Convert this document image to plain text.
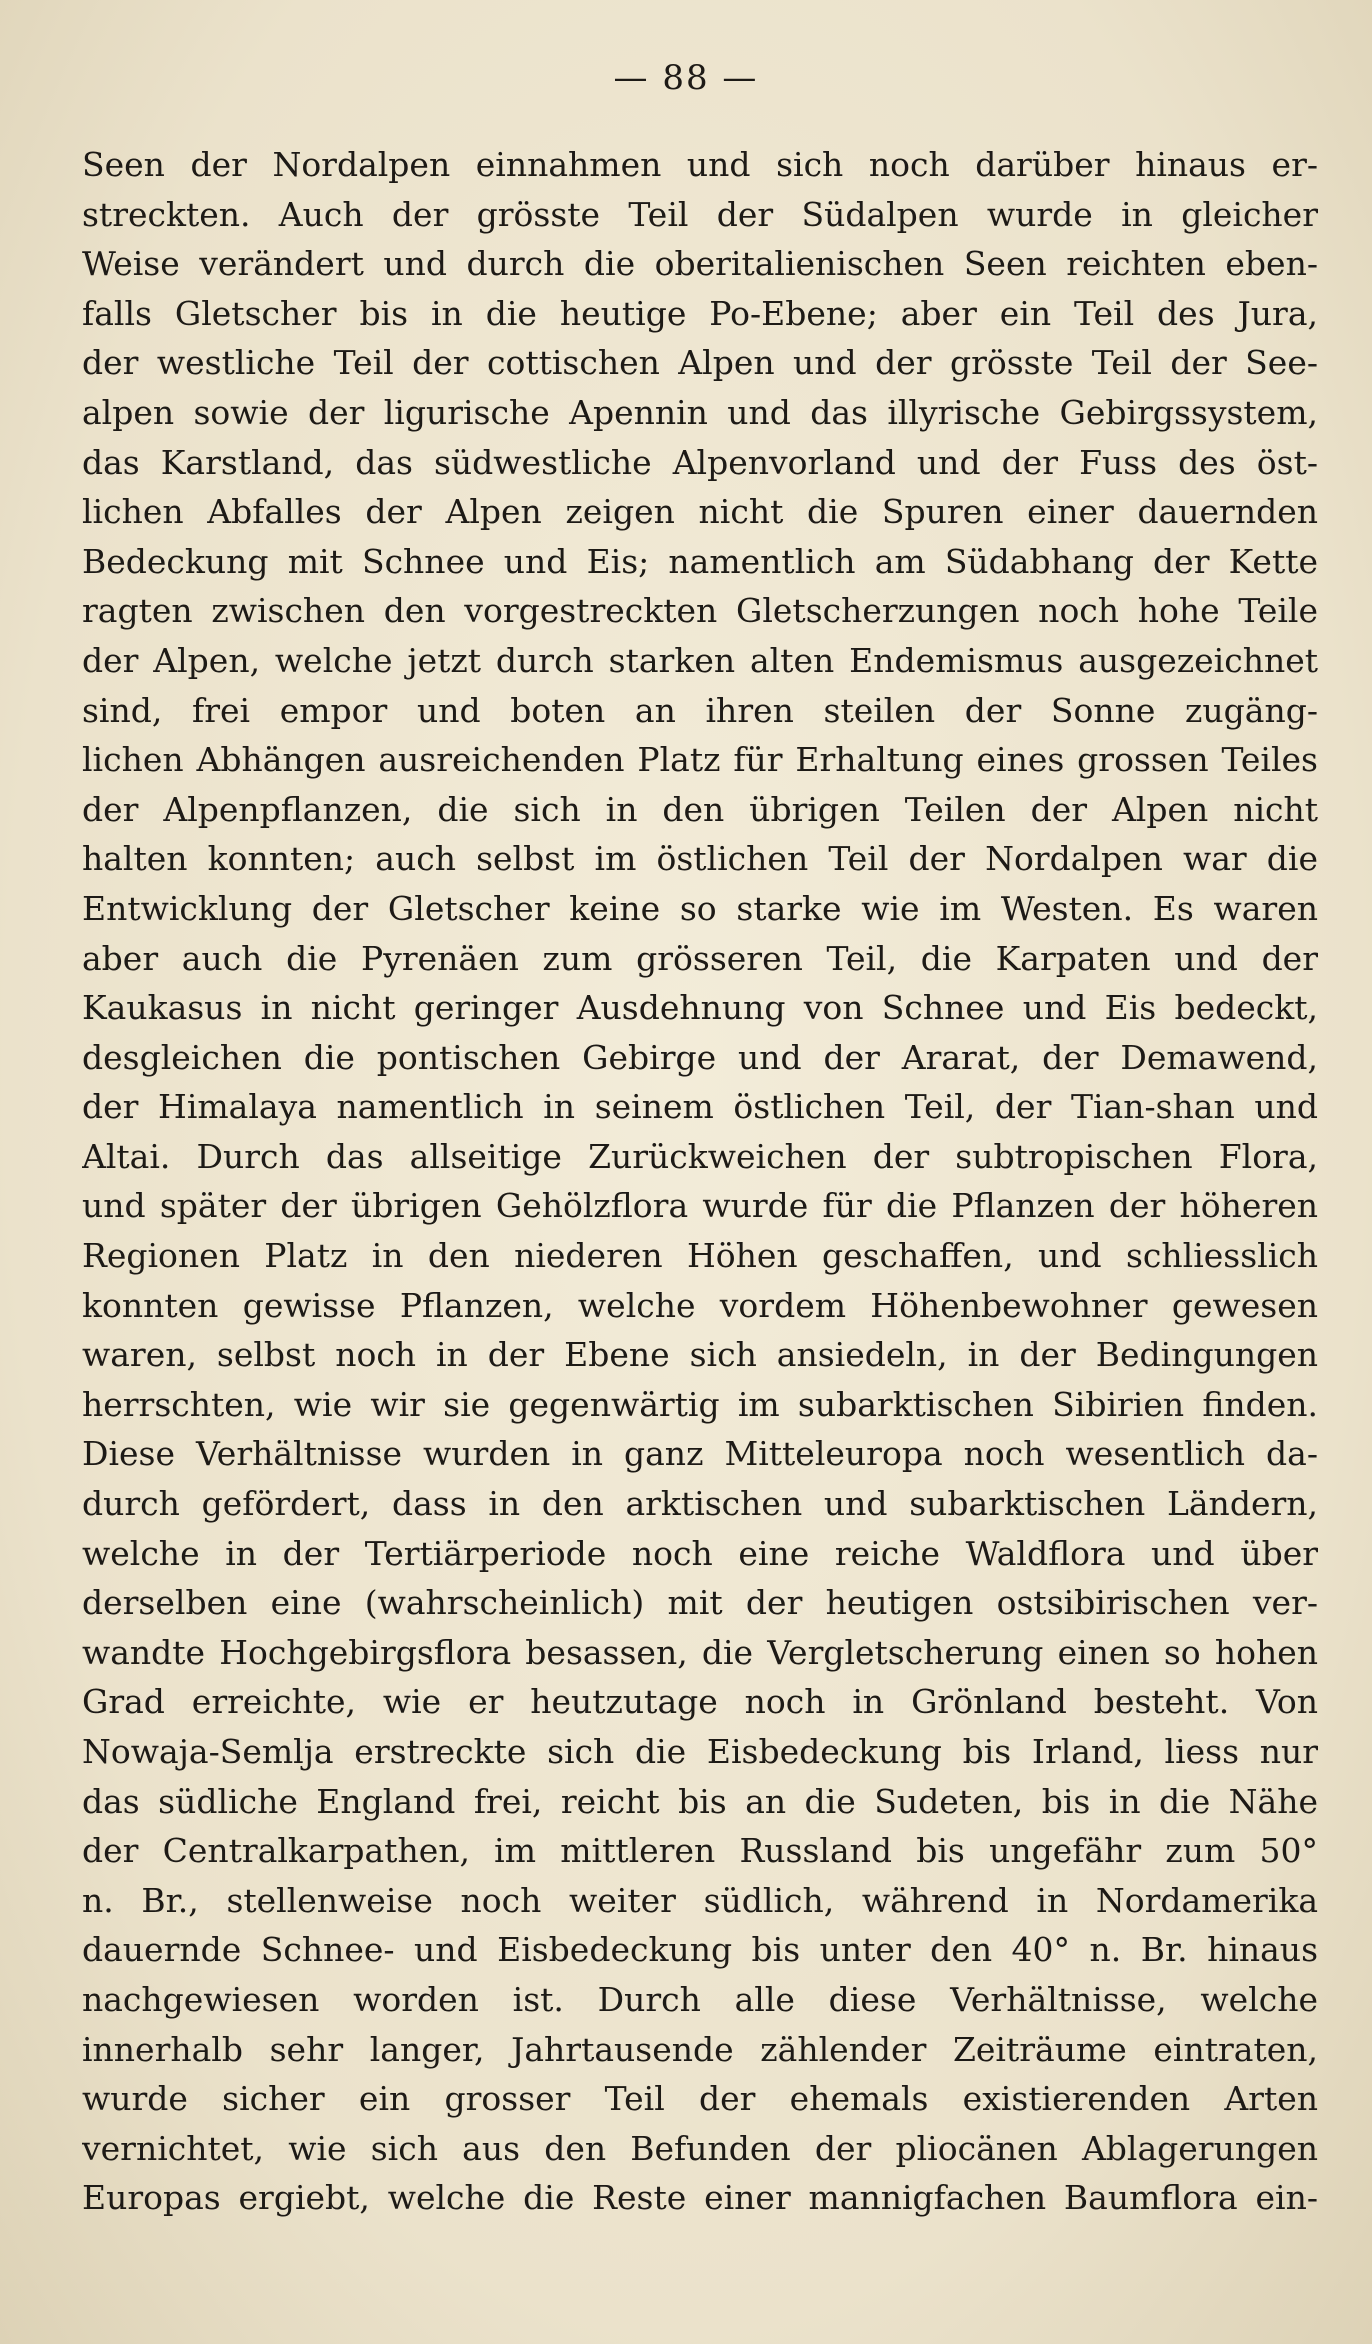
— 88 —
Seen der Nordalpen einnahmen und sich noch darüber hinaus er-
streckten. Auch der grösste Teil der Südalpen wurde in gleicher
Weise verändert und durch die oberitalienischen Seen reichten eben-
falls Gletscher bis in die heutige Po-Ebene; aber ein Teil des Jura,
der westliche Teil der cottischen Alpen und der grösste Teil der See-
alpen sowie der ligurische Apennin und das illyrische Gebirgssystem,
das Karstland, das südwestliche Alpenvorland und der Fuss des öst-
lichen Abfalles der Alpen zeigen nicht die Spuren einer dauernden
Bedeckung mit Schnee und Eis; namentlich am Südabhang der Kette
ragten zwischen den vorgestreckten Gletscherzungen noch hohe Teile
der Alpen, welche jetzt durch starken alten Endemismus ausgezeichnet
sind, frei empor und boten an ihren steilen der Sonne zugäng-
lichen Abhängen ausreichenden Platz für Erhaltung eines grossen Teiles
der Alpenpflanzen, die sich in den übrigen Teilen der Alpen nicht
halten konnten; auch selbst im östlichen Teil der Nordalpen war die
Entwicklung der Gletscher keine so starke wie im Westen. Es waren
aber auch die Pyrenäen zum grösseren Teil, die Karpaten und der
Kaukasus in nicht geringer Ausdehnung von Schnee und Eis bedeckt,
desgleichen die pontischen Gebirge und der Ararat, der Demawend,
der Himalaya namentlich in seinem östlichen Teil, der Tian-shan und
Altai. Durch das allseitige Zurückweichen der subtropischen Flora,
und später der übrigen Gehölzflora wurde für die Pflanzen der höheren
Regionen Platz in den niederen Höhen geschaffen, und schliesslich
konnten gewisse Pflanzen, welche vordem Höhenbewohner gewesen
waren, selbst noch in der Ebene sich ansiedeln, in der Bedingungen
herrschten, wie wir sie gegenwärtig im subarktischen Sibirien finden.
Diese Verhältnisse wurden in ganz Mitteleuropa noch wesentlich da-
durch gefördert, dass in den arktischen und subarktischen Ländern,
welche in der Tertiärperiode noch eine reiche Waldflora und über
derselben eine (wahrscheinlich) mit der heutigen ostsibirischen ver-
wandte Hochgebirgsflora besassen, die Vergletscherung einen so hohen
Grad erreichte, wie er heutzutage noch in Grönland besteht. Von
Nowaja-Semlja erstreckte sich die Eisbedeckung bis Irland, liess nur
das südliche England frei, reicht bis an die Sudeten, bis in die Nähe
der Centralkarpathen, im mittleren Russland bis ungefähr zum 50°
n. Br., stellenweise noch weiter südlich, während in Nordamerika
dauernde Schnee- und Eisbedeckung bis unter den 40° n. Br. hinaus
nachgewiesen worden ist. Durch alle diese Verhältnisse, welche
innerhalb sehr langer, Jahrtausende zählender Zeiträume eintraten,
wurde sicher ein grosser Teil der ehemals existierenden Arten
vernichtet, wie sich aus den Befunden der pliocänen Ablagerungen
Europas ergiebt, welche die Reste einer mannigfachen Baumflora ein-
